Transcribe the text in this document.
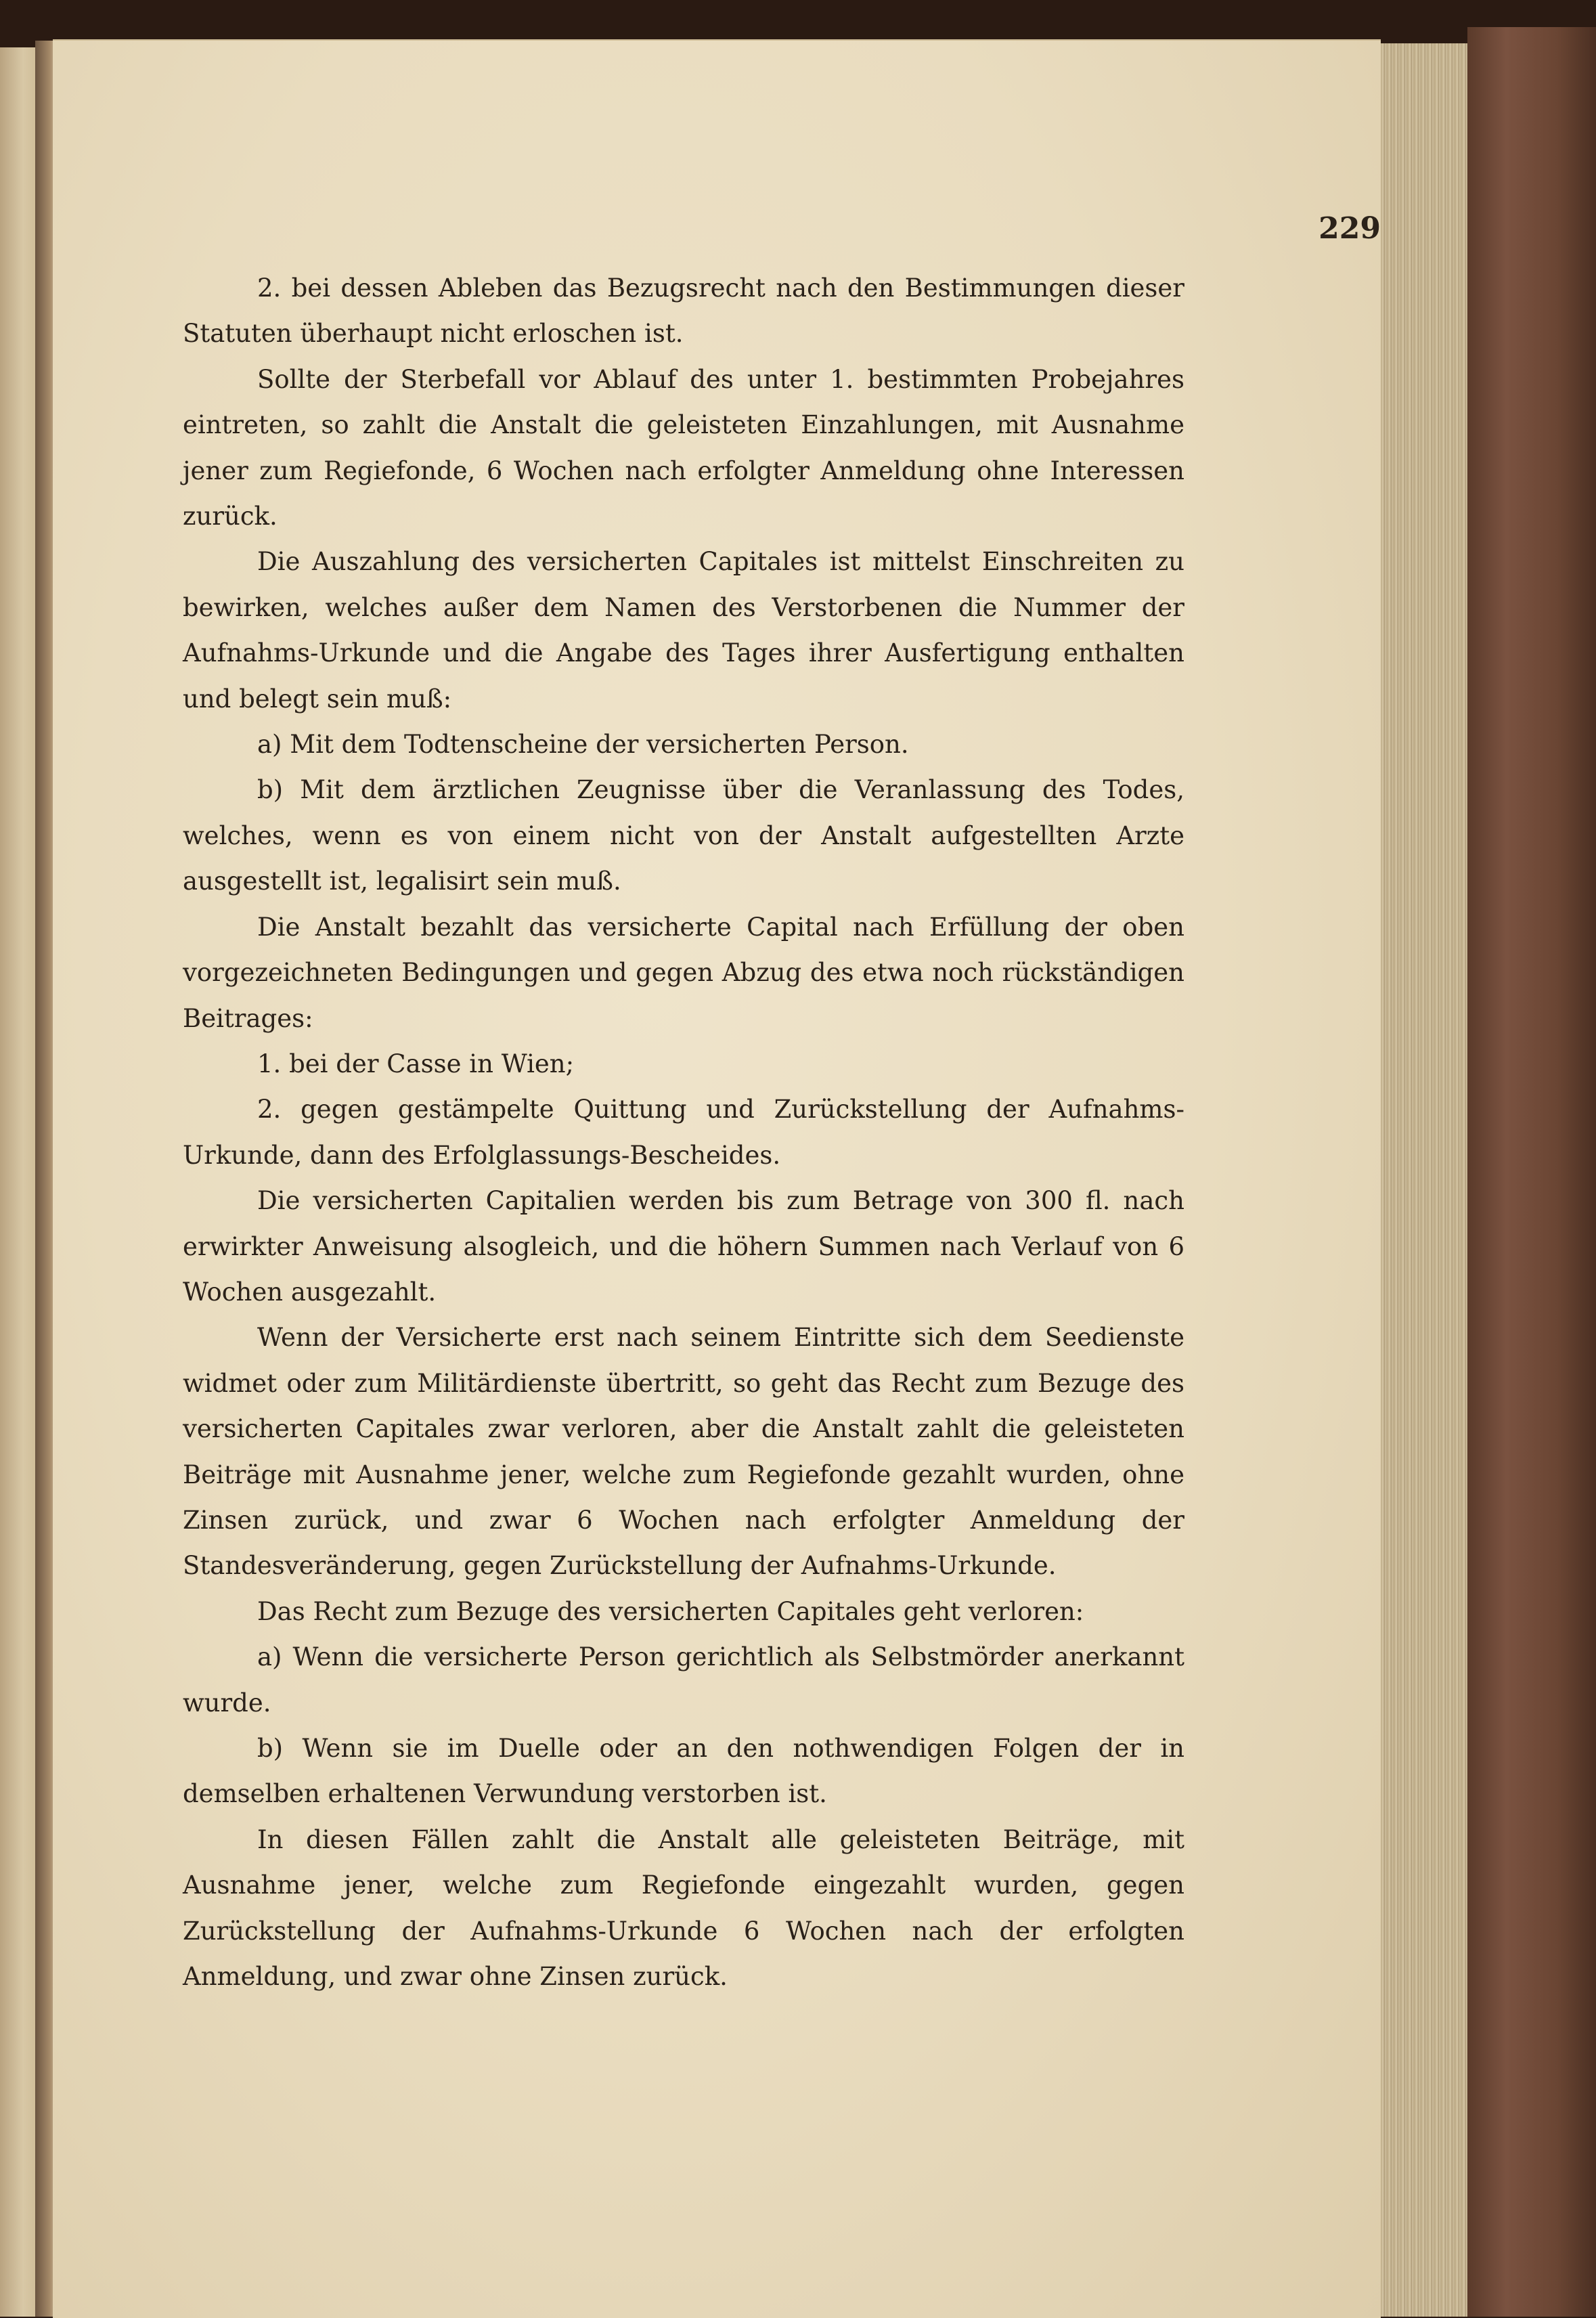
229

2. bei dessen Ableben das Bezugsrecht nach den Bestimmungen dieser Statuten überhaupt nicht erloschen ist.

Sollte der Sterbefall vor Ablauf des unter 1. bestimmten Probejahres eintreten, so zahlt die Anstalt die geleisteten Einzahlungen, mit Ausnahme jener zum Regiefonde, 6 Wochen nach erfolgter Anmeldung ohne Interessen zurück.

Die Auszahlung des versicherten Capitales ist mittelst Einschreiten zu bewirken, welches außer dem Namen des Verstorbenen die Nummer der Aufnahms-Urkunde und die Angabe des Tages ihrer Ausfertigung enthalten und belegt sein muß:

a) Mit dem Todtenscheine der versicherten Person.

b) Mit dem ärztlichen Zeugnisse über die Veranlassung des Todes, welches, wenn es von einem nicht von der Anstalt aufgestellten Arzte ausgestellt ist, legalisirt sein muß.

Die Anstalt bezahlt das versicherte Capital nach Erfüllung der oben vorgezeichneten Bedingungen und gegen Abzug des etwa noch rückständigen Beitrages:

1. bei der Casse in Wien;

2. gegen gestämpelte Quittung und Zurückstellung der Aufnahms-Urkunde, dann des Erfolglassungs-Bescheides.

Die versicherten Capitalien werden bis zum Betrage von 300 fl. nach erwirkter Anweisung alsogleich, und die höhern Summen nach Verlauf von 6 Wochen ausgezahlt.

Wenn der Versicherte erst nach seinem Eintritte sich dem Seedienste widmet oder zum Militärdienste übertritt, so geht das Recht zum Bezuge des versicherten Capitales zwar verloren, aber die Anstalt zahlt die geleisteten Beiträge mit Ausnahme jener, welche zum Regiefonde gezahlt wurden, ohne Zinsen zurück, und zwar 6 Wochen nach erfolgter Anmeldung der Standesveränderung, gegen Zurückstellung der Aufnahms-Urkunde.

Das Recht zum Bezuge des versicherten Capitales geht verloren:

a) Wenn die versicherte Person gerichtlich als Selbstmörder anerkannt wurde.

b) Wenn sie im Duelle oder an den nothwendigen Folgen der in demselben erhaltenen Verwundung verstorben ist.

In diesen Fällen zahlt die Anstalt alle geleisteten Beiträge, mit Ausnahme jener, welche zum Regiefonde eingezahlt wurden, gegen Zurückstellung der Aufnahms-Urkunde 6 Wochen nach der erfolgten Anmeldung, und zwar ohne Zinsen zurück.
